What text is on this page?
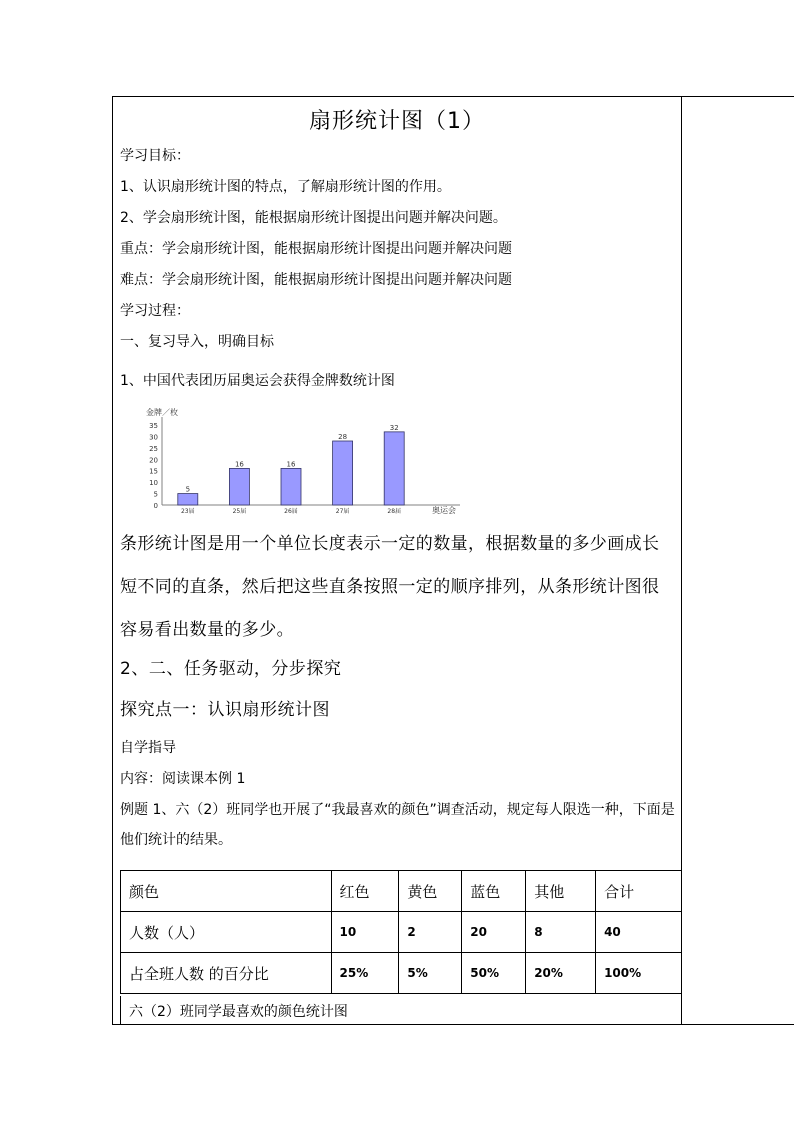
扇形统计图（1）
学习目标：
1、认识扇形统计图的特点，了解扇形统计图的作用。
2、学会扇形统计图，能根据扇形统计图提出问题并解决问题。
重点：学会扇形统计图，能根据扇形统计图提出问题并解决问题
难点：学会扇形统计图，能根据扇形统计图提出问题并解决问题
学习过程：
一、复习导入，明确目标
1、中国代表团历届奥运会获得金牌数统计图
金牌／枚
奥运会
0
5
10
15
20
25
30
35
5
23届
16
25届
16
26届
28
27届
32
28届
条形统计图是用一个单位长度表示一定的数量，根据数量的多少画成长短不同的直条，然后把这些直条按照一定的顺序排列，从条形统计图很容易看出数量的多少。
2、二、任务驱动，分步探究
探究点一：认识扇形统计图
自学指导
内容：阅读课本例 1
例题 1、六（2）班同学也开展了“我最喜欢的颜色”调查活动，规定每人限选一种，下面是他们统计的结果。
颜色	红色	黄色	蓝色	其他	合计
人数（人）	10	2	20	8	40
占全班人数 的百分比	25%	5%	50%	20%	100%
六（2）班同学最喜欢的颜色统计图
